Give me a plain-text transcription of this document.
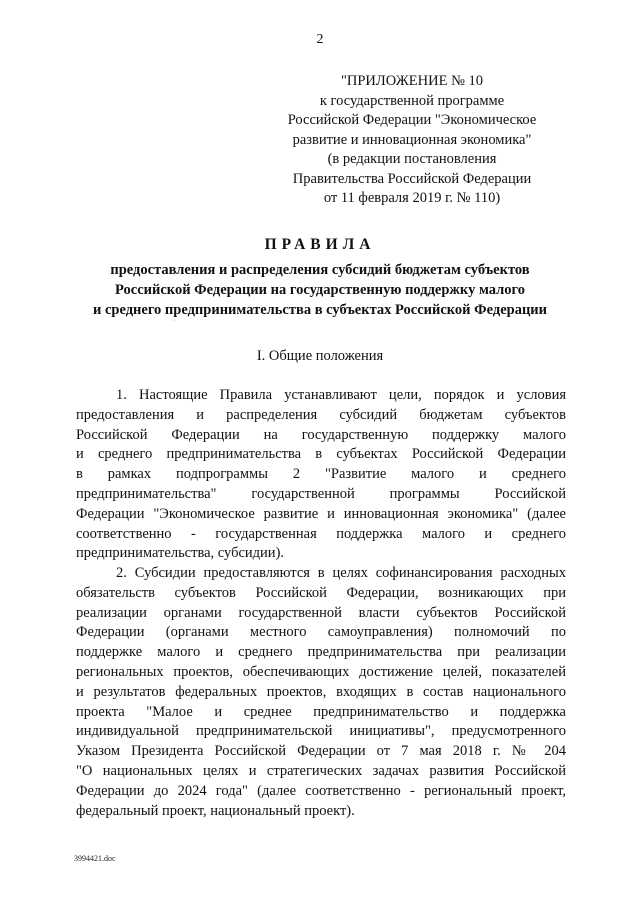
2
"ПРИЛОЖЕНИЕ № 10
к государственной программе
Российской Федерации "Экономическое
развитие и инновационная экономика"
(в редакции постановления
Правительства Российской Федерации
от 11 февраля 2019 г. № 110)
ПРАВИЛА
предоставления и распределения субсидий бюджетам субъектов
Российской Федерации на государственную поддержку малого
и среднего предпринимательства в субъектах Российской Федерации
·
I. Общие положения
1. Настоящие Правила устанавливают цели, порядок и условия
предоставления и распределения субсидий бюджетам субъектов
Российской Федерации на государственную поддержку малого
и среднего предпринимательства в субъектах Российской Федерации
в рамках подпрограммы 2 "Развитие малого и среднего
предпринимательства" государственной программы Российской
Федерации "Экономическое развитие и инновационная экономика" (далее
соответственно - государственная поддержка малого и среднего
предпринимательства, субсидии).
2. Субсидии предоставляются в целях софинансирования расходных
обязательств субъектов Российской Федерации, возникающих при
реализации органами государственной власти субъектов Российской
Федерации (органами местного самоуправления) полномочий по
поддержке малого и среднего предпринимательства при реализации
региональных проектов, обеспечивающих достижение целей, показателей
и результатов федеральных проектов, входящих в состав национального
проекта "Малое и среднее предпринимательство и поддержка
индивидуальной предпринимательской инициативы", предусмотренного
Указом Президента Российской Федерации от 7 мая 2018 г. № 204
"О национальных целях и стратегических задачах развития Российской
Федерации до 2024 года" (далее соответственно - региональный проект,
федеральный проект, национальный проект).
3994421.doc
